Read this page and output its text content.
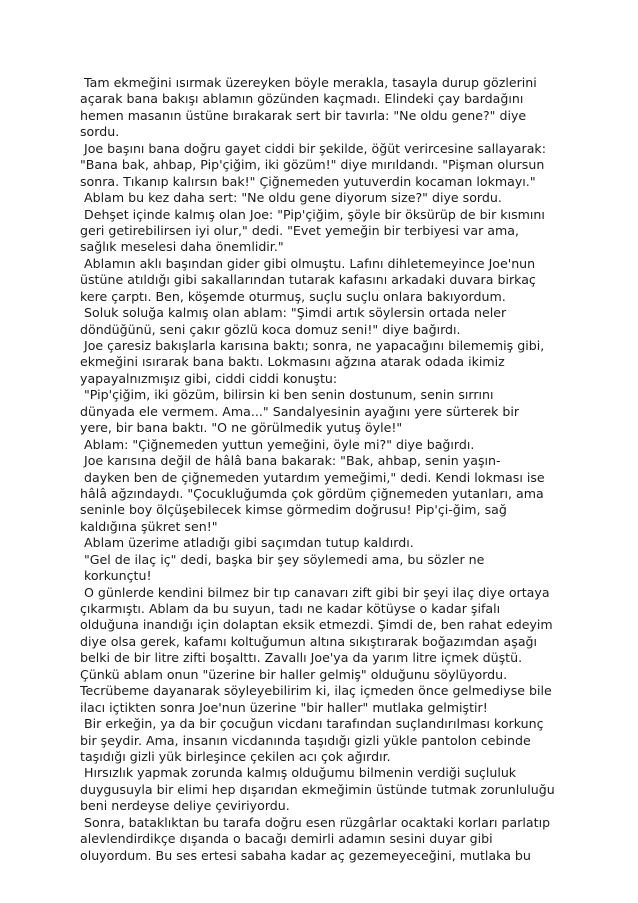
Tam ekmeğini ısırmak üzereyken böyle merakla, tasayla durup gözlerini
açarak bana bakışı ablamın gözünden kaçmadı. Elindeki çay bardağını
hemen masanın üstüne bırakarak sert bir tavırla: "Ne oldu gene?" diye
sordu.
Joe başını bana doğru gayet ciddi bir şekilde, öğüt verircesine sallayarak:
"Bana bak, ahbap, Pip'çiğim, iki gözüm!" diye mırıldandı. "Pişman olursun
sonra. Tıkanıp kalırsın bak!" Çiğnemeden yutuverdin kocaman lokmayı."
Ablam bu kez daha sert: "Ne oldu gene diyorum size?" diye sordu.
Dehşet içinde kalmış olan Joe: "Pip'çiğim, şöyle bir öksürüp de bir kısmını
geri getirebilirsen iyi olur," dedi. "Evet yemeğin bir terbiyesi var ama,
sağlık meselesi daha önemlidir."
Ablamın aklı başından gider gibi olmuştu. Lafını dihletemeyince Joe'nun
üstüne atıldığı gibi sakallarından tutarak kafasını arkadaki duvara birkaç
kere çarptı. Ben, köşemde oturmuş, suçlu suçlu onlara bakıyordum.
Soluk soluğa kalmış olan ablam: "Şimdi artık söylersin ortada neler
döndüğünü, seni çakır gözlü koca domuz seni!" diye bağırdı.
Joe çaresiz bakışlarla karısına baktı; sonra, ne yapacağını bilememiş gibi,
ekmeğini ısırarak bana baktı. Lokmasını ağzına atarak odada ikimiz
yapayalnızmışız gibi, ciddi ciddi konuştu:
"Pip'çiğim, iki gözüm, bilirsin ki ben senin dostunum, senin sırrını
dünyada ele vermem. Ama..." Sandalyesinin ayağını yere sürterek bir
yere, bir bana baktı. "O ne görülmedik yutuş öyle!"
Ablam: "Çiğnemeden yuttun yemeğini, öyle mi?" diye bağırdı.
Joe karısına değil de hâlâ bana bakarak: "Bak, ahbap, senin yaşın-
dayken ben de çiğnemeden yutardım yemeğimi," dedi. Kendi lokması ise
hâlâ ağzındaydı. "Çocukluğumda çok gördüm çiğnemeden yutanları, ama
seninle boy ölçüşebilecek kimse görmedim doğrusu! Pip'çi-ğim, sağ
kaldığına şükret sen!"
Ablam üzerime atladığı gibi saçımdan tutup kaldırdı.
"Gel de ilaç iç" dedi, başka bir şey söylemedi ama, bu sözler ne
korkunçtu!
O günlerde kendini bilmez bir tıp canavarı zift gibi bir şeyi ilaç diye ortaya
çıkarmıştı. Ablam da bu suyun, tadı ne kadar kötüyse o kadar şifalı
olduğuna inandığı için dolaptan eksik etmezdi. Şimdi de, ben rahat edeyim
diye olsa gerek, kafamı koltuğumun altına sıkıştırarak boğazımdan aşağı
belki de bir litre zifti boşalttı. Zavallı Joe'ya da yarım litre içmek düştü.
Çünkü ablam onun "üzerine bir haller gelmiş" olduğunu söylüyordu.
Tecrübeme dayanarak söyleyebilirim ki, ilaç içmeden önce gelmediyse bile
ilacı içtikten sonra Joe'nun üzerine "bir haller" mutlaka gelmiştir!
Bir erkeğin, ya da bir çocuğun vicdanı tarafından suçlandırılması korkunç
bir şeydir. Ama, insanın vicdanında taşıdığı gizli yükle pantolon cebinde
taşıdığı gizli yük birleşince çekilen acı çok ağırdır.
Hırsızlık yapmak zorunda kalmış olduğumu bilmenin verdiği suçluluk
duygusuyla bir elimi hep dışarıdan ekmeğimin üstünde tutmak zorunluluğu
beni nerdeyse deliye çeviriyordu.
Sonra, bataklıktan bu tarafa doğru esen rüzgârlar ocaktaki korları parlatıp
alevlendirdikçe dışanda o bacağı demirli adamın sesini duyar gibi
oluyordum. Bu ses ertesi sabaha kadar aç gezemeyeceğini, mutlaka bu
